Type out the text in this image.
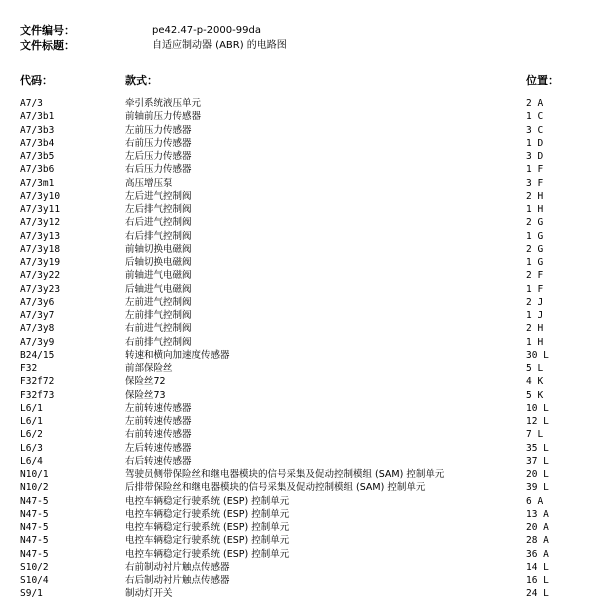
文件编号：	pe42.47-p-2000-99da
文件标题：	自适应制动器 (ABR) 的电路图
代码：	款式：	位置：
A7/3	牵引系统液压单元	2 A
A7/3b1	前轴前压力传感器	1 C
A7/3b3	左前压力传感器	3 C
A7/3b4	右前压力传感器	1 D
A7/3b5	左后压力传感器	3 D
A7/3b6	右后压力传感器	1 F
A7/3m1	高压增压泵	3 F
A7/3y10	左后进气控制阀	2 H
A7/3y11	左后排气控制阀	1 H
A7/3y12	右后进气控制阀	2 G
A7/3y13	右后排气控制阀	1 G
A7/3y18	前轴切换电磁阀	2 G
A7/3y19	后轴切换电磁阀	1 G
A7/3y22	前轴进气电磁阀	2 F
A7/3y23	后轴进气电磁阀	1 F
A7/3y6	左前进气控制阀	2 J
A7/3y7	左前排气控制阀	1 J
A7/3y8	右前进气控制阀	2 H
A7/3y9	右前排气控制阀	1 H
B24/15	转速和横向加速度传感器	30 L
F32	前部保险丝	5 L
F32f72	保险丝72	4 K
F32f73	保险丝73	5 K
L6/1	左前转速传感器	10 L
L6/1	左前转速传感器	12 L
L6/2	右前转速传感器	7 L
L6/3	左后转速传感器	35 L
L6/4	右后转速传感器	37 L
N10/1	驾驶员侧带保险丝和继电器模块的信号采集及促动控制模组 (SAM) 控制单元	20 L
N10/2	后排带保险丝和继电器模块的信号采集及促动控制模组 (SAM) 控制单元	39 L
N47-5	电控车辆稳定行驶系统 (ESP) 控制单元	6 A
N47-5	电控车辆稳定行驶系统 (ESP) 控制单元	13 A
N47-5	电控车辆稳定行驶系统 (ESP) 控制单元	20 A
N47-5	电控车辆稳定行驶系统 (ESP) 控制单元	28 A
N47-5	电控车辆稳定行驶系统 (ESP) 控制单元	36 A
S10/2	右前制动衬片触点传感器	14 L
S10/4	右后制动衬片触点传感器	16 L
S9/1	制动灯开关	24 L
